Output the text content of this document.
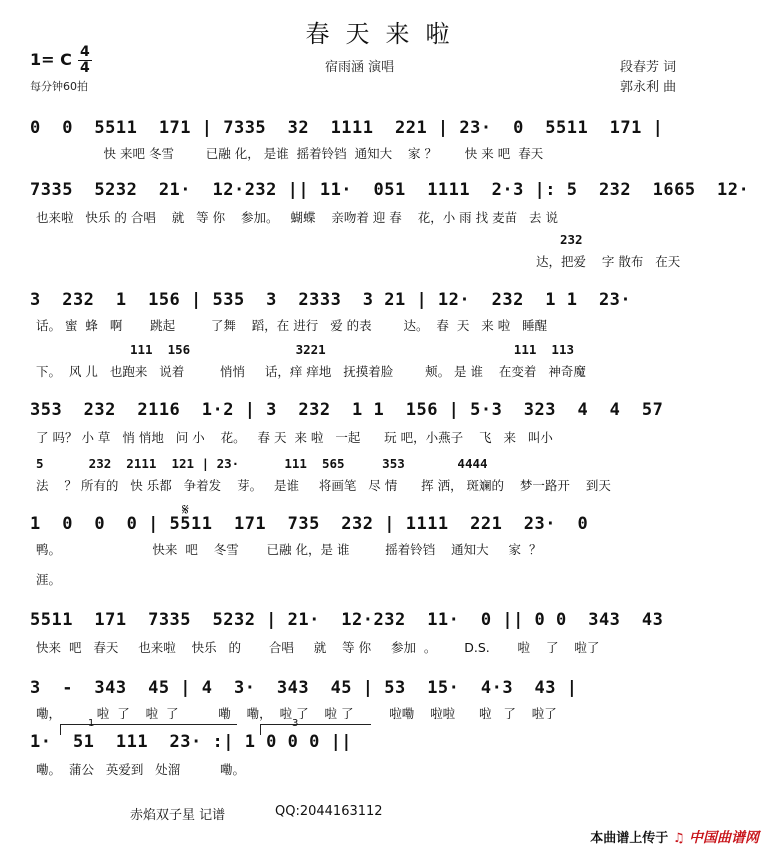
春天来啦
1= C 4
4
每分钟60拍
宿雨涵 演唱	段春芳 词
郭永利 曲
0  0  5511  171 | 7335  32  1111  221 | 23·  0  5511  171 |
快 来吧 冬雪        已融 化， 是谁  摇着铃铛  通知大    家 ？       快 来 吧  春天
7335  5232  21·  12·232 || 11·  051  1111  2·3 |: 5  232  1665  12·
也来啦   快乐 的 合唱    就   等 你    参加。   蝴蝶    亲吻着 迎 春    花，小 雨 找 麦苗   去 说
232
达，把爱    字 散布   在天
3  232  1  156 | 535  3  2333  3 21 | 12·  232  1 1  23·
话。 蜜  蜂   啊       跳起         了舞    蹈，在 进行   爱 的表        达。  春  天   来 啦   睡醒
111  156              3221                         111  113
下。  风 儿   也跑来   说着         悄悄     话，痒 痒地   抚摸着脸        颊。 是 谁    在变着   神奇魔
353  232  2116  1·2 | 3  232  1 1  156 | 5·3  323  4  4  57
了 吗？ 小 草   悄 悄地   问 小    花。   春 天  来 啦   一起      玩 吧，小燕子    飞   来   叫小
5      232  2111  121 | 23·      111  565     353       4444
法    ？ 所有的   快 乐都   争着发    芽。   是谁     将画笔   尽 情      挥 洒， 斑斓的    梦一路开    到天
1  0  0  0 | 5511  171  735  232 | 1111  221  23·  0
𝄋
鸭。                       快来  吧    冬雪       已融 化，是 谁         摇着铃铛    通知大     家  ？
涯。
5511  171  7335  5232 | 21·  12·232  11·  0 || 0 0  343  43
快来  吧   春天     也来啦    快乐   的       合唱     就    等 你     参加  。       D.S.       啦    了    啦了
3  -  343  45 | 4  3·  343  45 | 53  15·  4·3  43 |
嘞，         啦  了    啦  了          嘞    嘞，  啦 了    啦 了         啦嘞    啦啦      啦   了    啦了
1	3
1·  51  111  23· :| 1 0 0 0 ||
嘞。  蒲公   英爱到   处溜          嘞。
赤焰双子星 记谱	QQ:2044163112
本曲谱上传于 ♫ 中国曲谱网
